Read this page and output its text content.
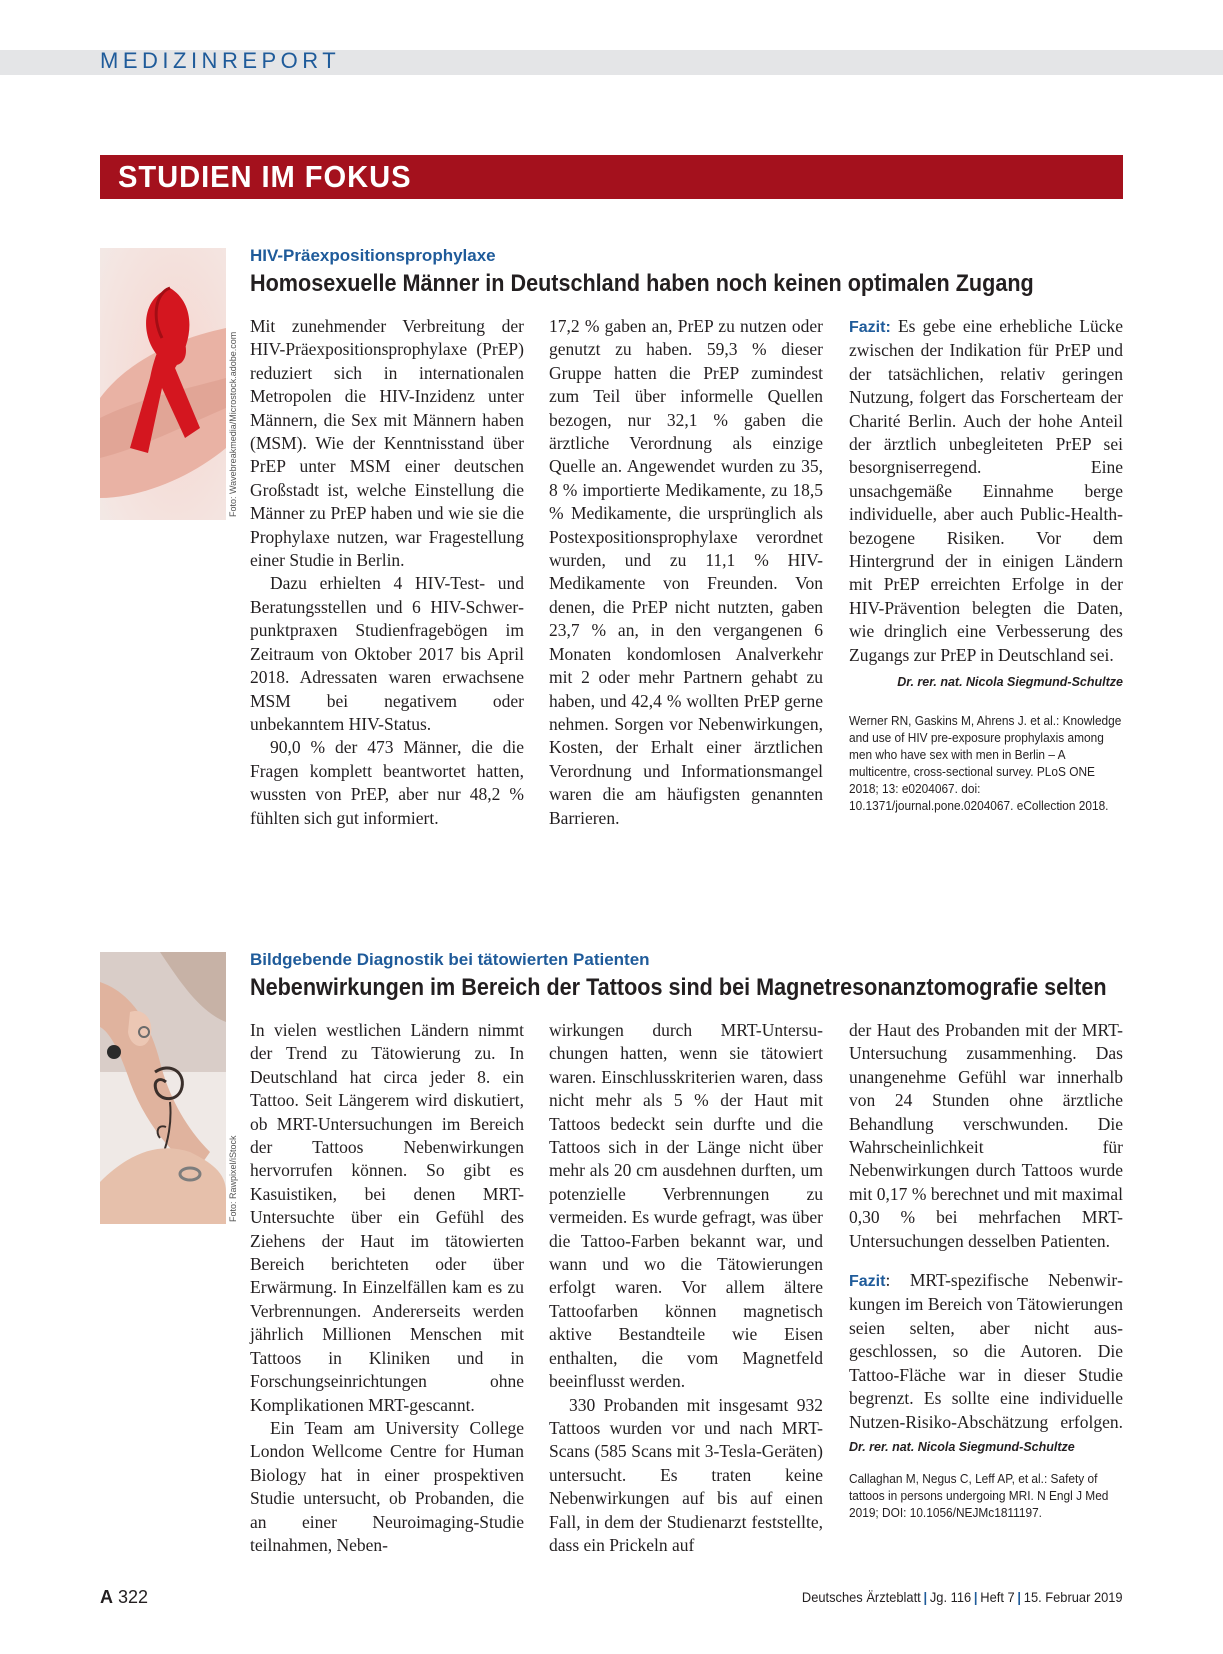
MEDIZINREPORT
STUDIEN IM FOKUS
Foto: Wavebreakmedia/Microstock.adobe.com
HIV-Präexpositionsprophylaxe
Homosexuelle Männer in Deutschland haben noch keinen optimalen Zugang

Mit zunehmender Verbreitung der HIV-Präexpositionsprophylaxe (PrEP) reduziert sich in internationalen Metropolen die HIV-Inzidenz unter Männern, die Sex mit Männern haben (MSM). Wie der Kenntnisstand über PrEP unter MSM einer deutschen Großstadt ist, welche Einstellung die Männer zu PrEP haben und wie sie die Prophylaxe nutzen, war Fragestellung einer Studie in Berlin.

Dazu erhielten 4 HIV-Test- und Beratungsstellen und 6 HIV-Schwerpunktpraxen Studienfragebögen im Zeitraum von Oktober 2017 bis April 2018. Adressaten waren erwachsene MSM bei negativem oder unbekanntem HIV-Status.

90,0 % der 473 Männer, die die Fragen komplett beantwortet hatten, wussten von PrEP, aber nur 48,2 % fühlten sich gut informiert.

17,2 % gaben an, PrEP zu nutzen oder genutzt zu haben. 59,3 % dieser Gruppe hatten die PrEP zumindest zum Teil über informelle Quellen bezogen, nur 32,1 % gaben die ärztliche Verordnung als einzige Quelle an. Angewendet wurden zu 35, 8 % importierte Medikamente, zu 18,5 % Medikamente, die ursprünglich als Postexpositionsprophylaxe verordnet wurden, und zu 11,1 % HIV-Medikamente von Freunden. Von denen, die PrEP nicht nutzten, gaben 23,7 % an, in den vergangenen 6 Monaten kondomlosen Analverkehr mit 2 oder mehr Partnern gehabt zu haben, und 42,4 % wollten PrEP gerne nehmen. Sorgen vor Nebenwirkungen, Kosten, der Erhalt einer ärztlichen Verordnung und Informationsmangel waren die am häufigsten genannten Barrieren.

Fazit: Es gebe eine erhebliche Lücke zwischen der Indikation für PrEP und der tatsächlichen, relativ geringen Nutzung, folgert das Forscherteam der Charité Berlin. Auch der hohe Anteil der ärztlich unbegleiteten PrEP sei besorgniserregend. Eine unsachgemäße Einnahme berge individuelle, aber auch Public-Health-bezogene Risiken. Vor dem Hintergrund der in einigen Ländern mit PrEP erreichten Erfolge in der HIV-Prävention belegten die Daten, wie dringlich eine Verbesserung des Zugangs zur PrEP in Deutschland sei.

Dr. rer. nat. Nicola Siegmund-Schultze
Werner RN, Gaskins M, Ahrens J. et al.: Knowledge and use of HIV pre-exposure prophylaxis among men who have sex with men in Berlin – A multicentre, cross-sectional survey. PLoS ONE 2018; 13: e0204067. doi: 10.1371/journal.pone.0204067. eCollection 2018.
Foto: Rawpixel/iStock
Bildgebende Diagnostik bei tätowierten Patienten
Nebenwirkungen im Bereich der Tattoos sind bei Magnetresonanztomografie selten

In vielen westlichen Ländern nimmt der Trend zu Tätowierung zu. In Deutschland hat circa jeder 8. ein Tattoo. Seit Längerem wird diskutiert, ob MRT-Untersuchungen im Bereich der Tattoos Nebenwirkungen hervorrufen können. So gibt es Kasuistiken, bei denen MRT-Untersuchte über ein Gefühl des Ziehens der Haut im tätowierten Bereich berichteten oder über Erwärmung. In Einzelfällen kam es zu Verbrennungen. Andererseits werden jährlich Millionen Menschen mit Tattoos in Kliniken und in Forschungseinrichtungen ohne Komplikationen MRT-gescannt.

Ein Team am University College London Wellcome Centre for Human Biology hat in einer prospektiven Studie untersucht, ob Probanden, die an einer Neuroimaging-Studie teilnahmen, Neben-

wirkungen durch MRT-Untersuchungen hatten, wenn sie tätowiert waren. Einschlusskriterien waren, dass nicht mehr als 5 % der Haut mit Tattoos bedeckt sein durfte und die Tattoos sich in der Länge nicht über mehr als 20 cm ausdehnen durften, um potenzielle Verbrennungen zu vermeiden. Es wurde gefragt, was über die Tattoo-Farben bekannt war, und wann und wo die Tätowierungen erfolgt waren. Vor allem ältere Tattoofarben können magnetisch aktive Bestandteile wie Eisen enthalten, die vom Magnetfeld beeinflusst werden.

330 Probanden mit insgesamt 932 Tattoos wurden vor und nach MRT-Scans (585 Scans mit 3-Tesla-Geräten) untersucht. Es traten keine Nebenwirkungen auf bis auf einen Fall, in dem der Studienarzt feststellte, dass ein Prickeln auf

der Haut des Probanden mit der MRT-Untersuchung zusammenhing. Das unangenehme Gefühl war innerhalb von 24 Stunden ohne ärztliche Behandlung verschwunden. Die Wahrscheinlichkeit für Nebenwirkungen durch Tattoos wurde mit 0,17 % berechnet und mit maximal 0,30 % bei mehrfachen MRT-Untersuchungen desselben Patienten.

Fazit: MRT-spezifische Nebenwirkungen im Bereich von Tätowierungen seien selten, aber nicht ausgeschlossen, so die Autoren. Die Tattoo-Fläche war in dieser Studie begrenzt. Es sollte eine individuelle Nutzen-Risiko-Abschätzung erfolgen. Dr. rer. nat. Nicola Siegmund-Schultze

Callaghan M, Negus C, Leff AP, et al.: Safety of tattoos in persons undergoing MRI. N Engl J Med 2019; DOI: 10.1056/NEJMc1811197.
A 322	Deutsches Ärzteblatt | Jg. 116 | Heft 7 | 15. Februar 2019
